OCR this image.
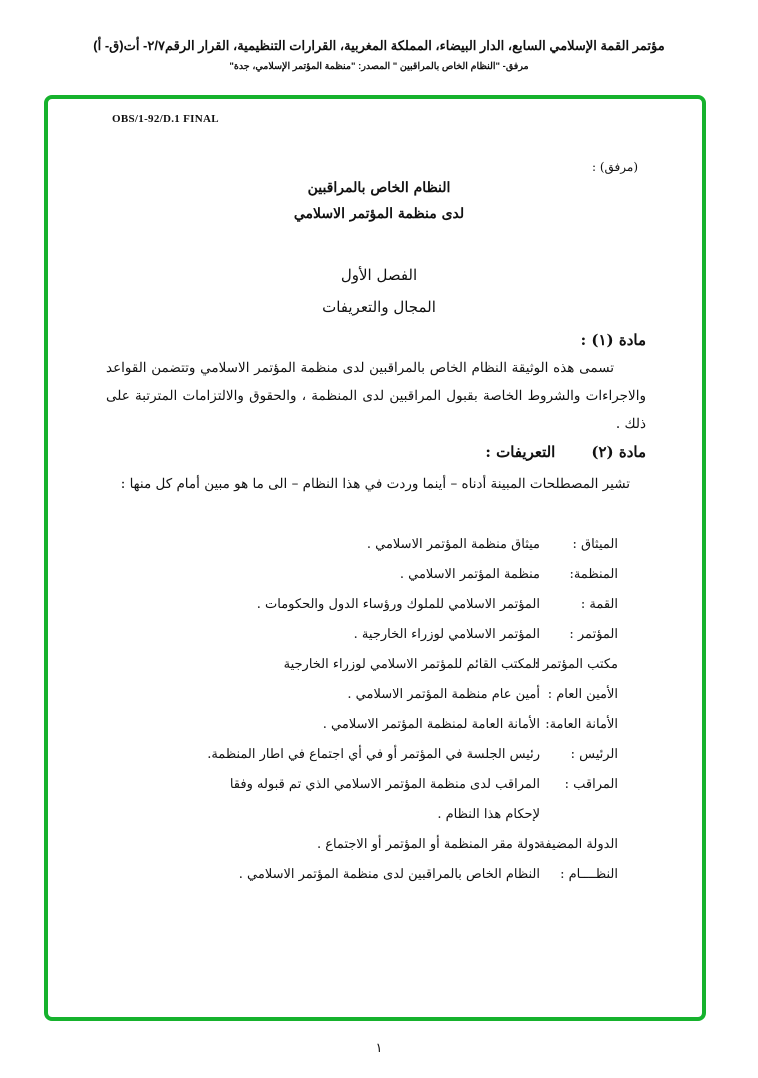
مؤتمر القمة الإسلامي السابع، الدار البيضاء، المملكة المغربية، القرارات التنظيمية، القرار الرقم٢/٧- أت(ق- أ)
مرفق- "النظام الخاص بالمراقبين " المصدر: "منظمة المؤتمر الإسلامي، جدة"
OBS/1-92/D.1 FINAL
(مرفق) :
النظام الخاص بالمراقبين
لدى منظمة المؤتمر الاسلامي
الفصل الأول
المجال والتعريفات
مادة (١) :
تسمى هذه الوثيقة النظام الخاص بالمراقبين لدى منظمة المؤتمر الاسلامي وتتضمن القواعد والاجراءات والشروط الخاصة بقبول المراقبين لدى المنظمة ، والحقوق والالتزامات المترتبة على ذلك .
مادة (٢)التعريفات :
تشير المصطلحات المبينة أدناه – أينما وردت في هذا النظام – الى ما هو مبين أمام كل منها :
الميثاق :
ميثاق منظمة المؤتمر الاسلامي .
المنظمة:
منظمة المؤتمر الاسلامي .
القمة :
المؤتمر الاسلامي للملوك ورؤساء الدول والحكومات .
المؤتمر :
المؤتمر الاسلامي لوزراء الخارجية .
مكتب المؤتمر :
المكتب القائم للمؤتمر الاسلامي لوزراء الخارجية
الأمين العام :
أمين عام منظمة المؤتمر الاسلامي .
الأمانة العامة:
الأمانة العامة لمنظمة المؤتمر الاسلامي .
الرئيس :
رئيس الجلسة في المؤتمر أو في أي اجتماع في اطار المنظمة.
المراقب :
المراقب لدى منظمة المؤتمر الاسلامي الذي تم قبوله وفقا لإحكام هذا النظام .
الدولة المضيفة:
دولة مقر المنظمة أو المؤتمر أو الاجتماع .
النظــــام :
النظام الخاص بالمراقبين لدى منظمة المؤتمر الاسلامي .
١
